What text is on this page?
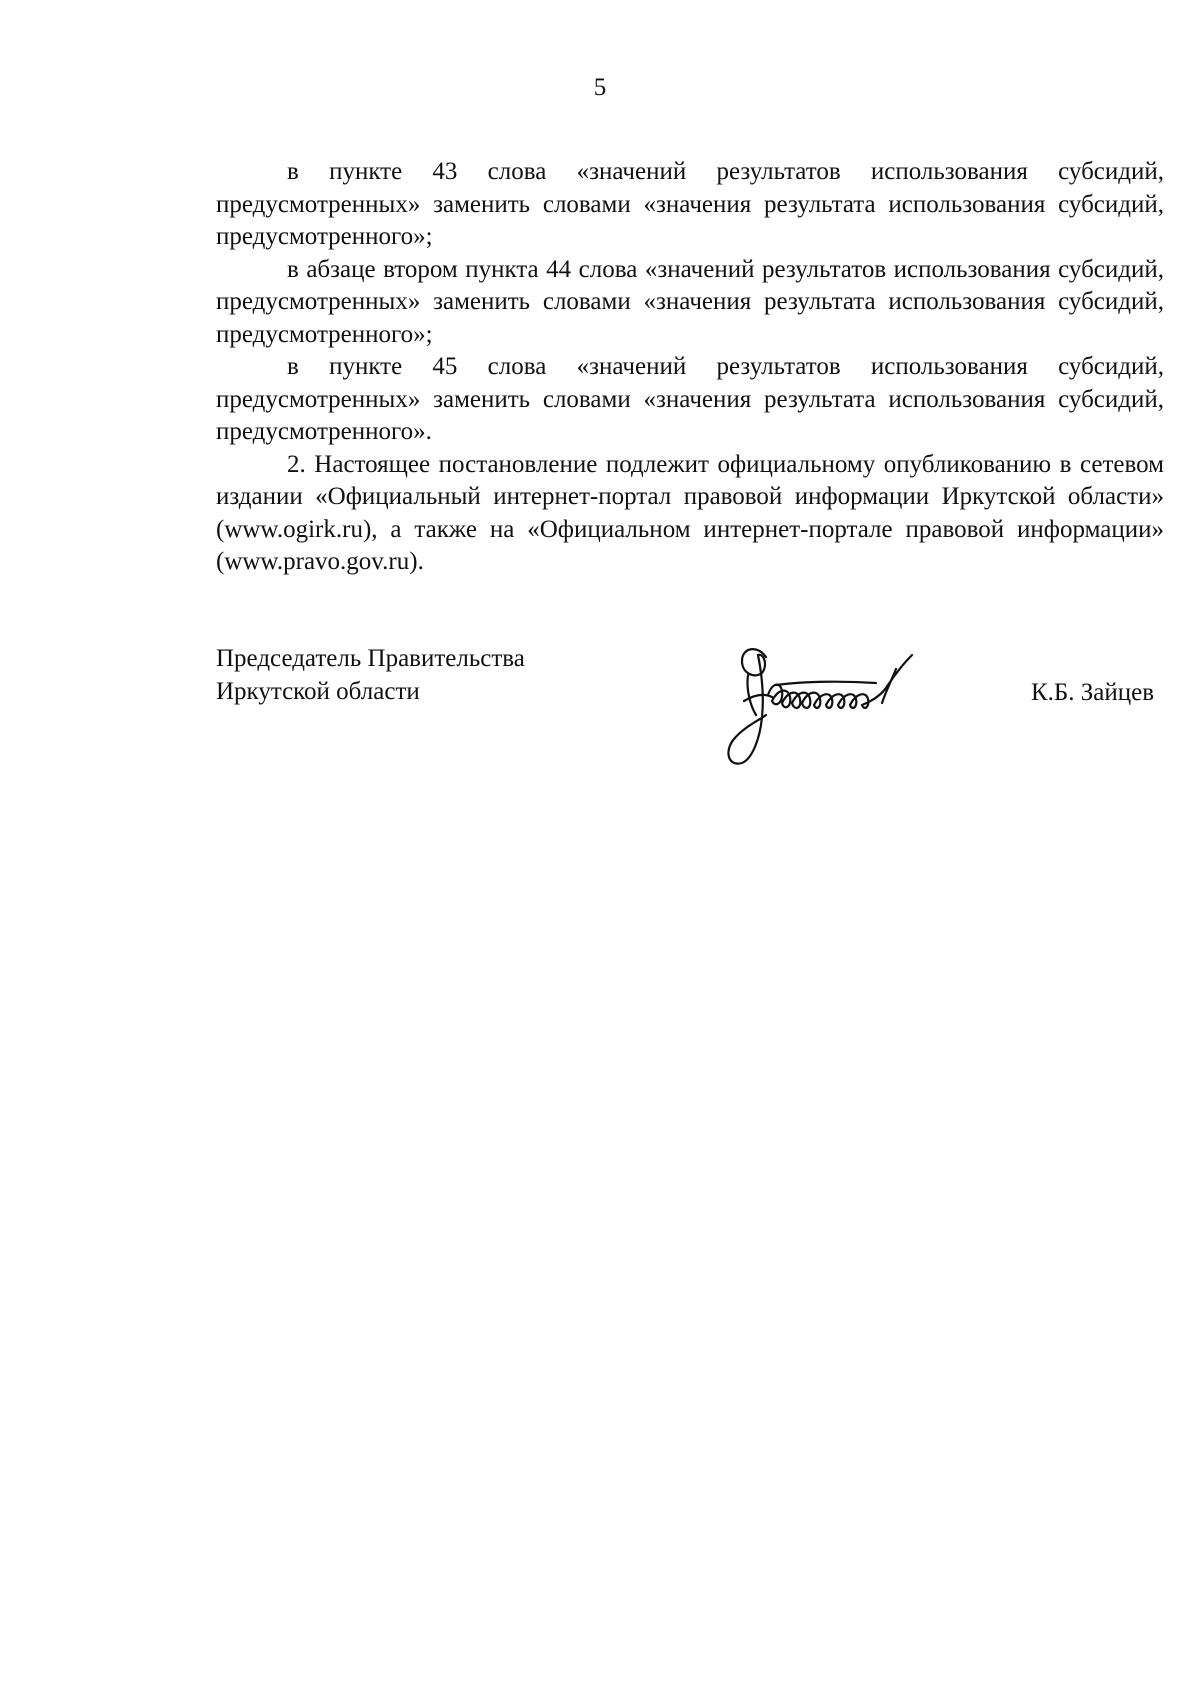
5

в пункте 43 слова «значений результатов использования субсидий, предусмотренных» заменить словами «значения результата использования субсидий, предусмотренного»;

в абзаце втором пункта 44 слова «значений результатов использования субсидий, предусмотренных» заменить словами «значения результата использования субсидий, предусмотренного»;

в пункте 45 слова «значений результатов использования субсидий, предусмотренных» заменить словами «значения результата использования субсидий, предусмотренного».

2. Настоящее постановление подлежит официальному опубликованию в сетевом издании «Официальный интернет-портал правовой информации Иркутской области» (www.ogirk.ru), а также на «Официальном интернет-портале правовой информации» (www.pravo.gov.ru).

Председатель Правительства
Иркутской области	К.Б. Зайцев
